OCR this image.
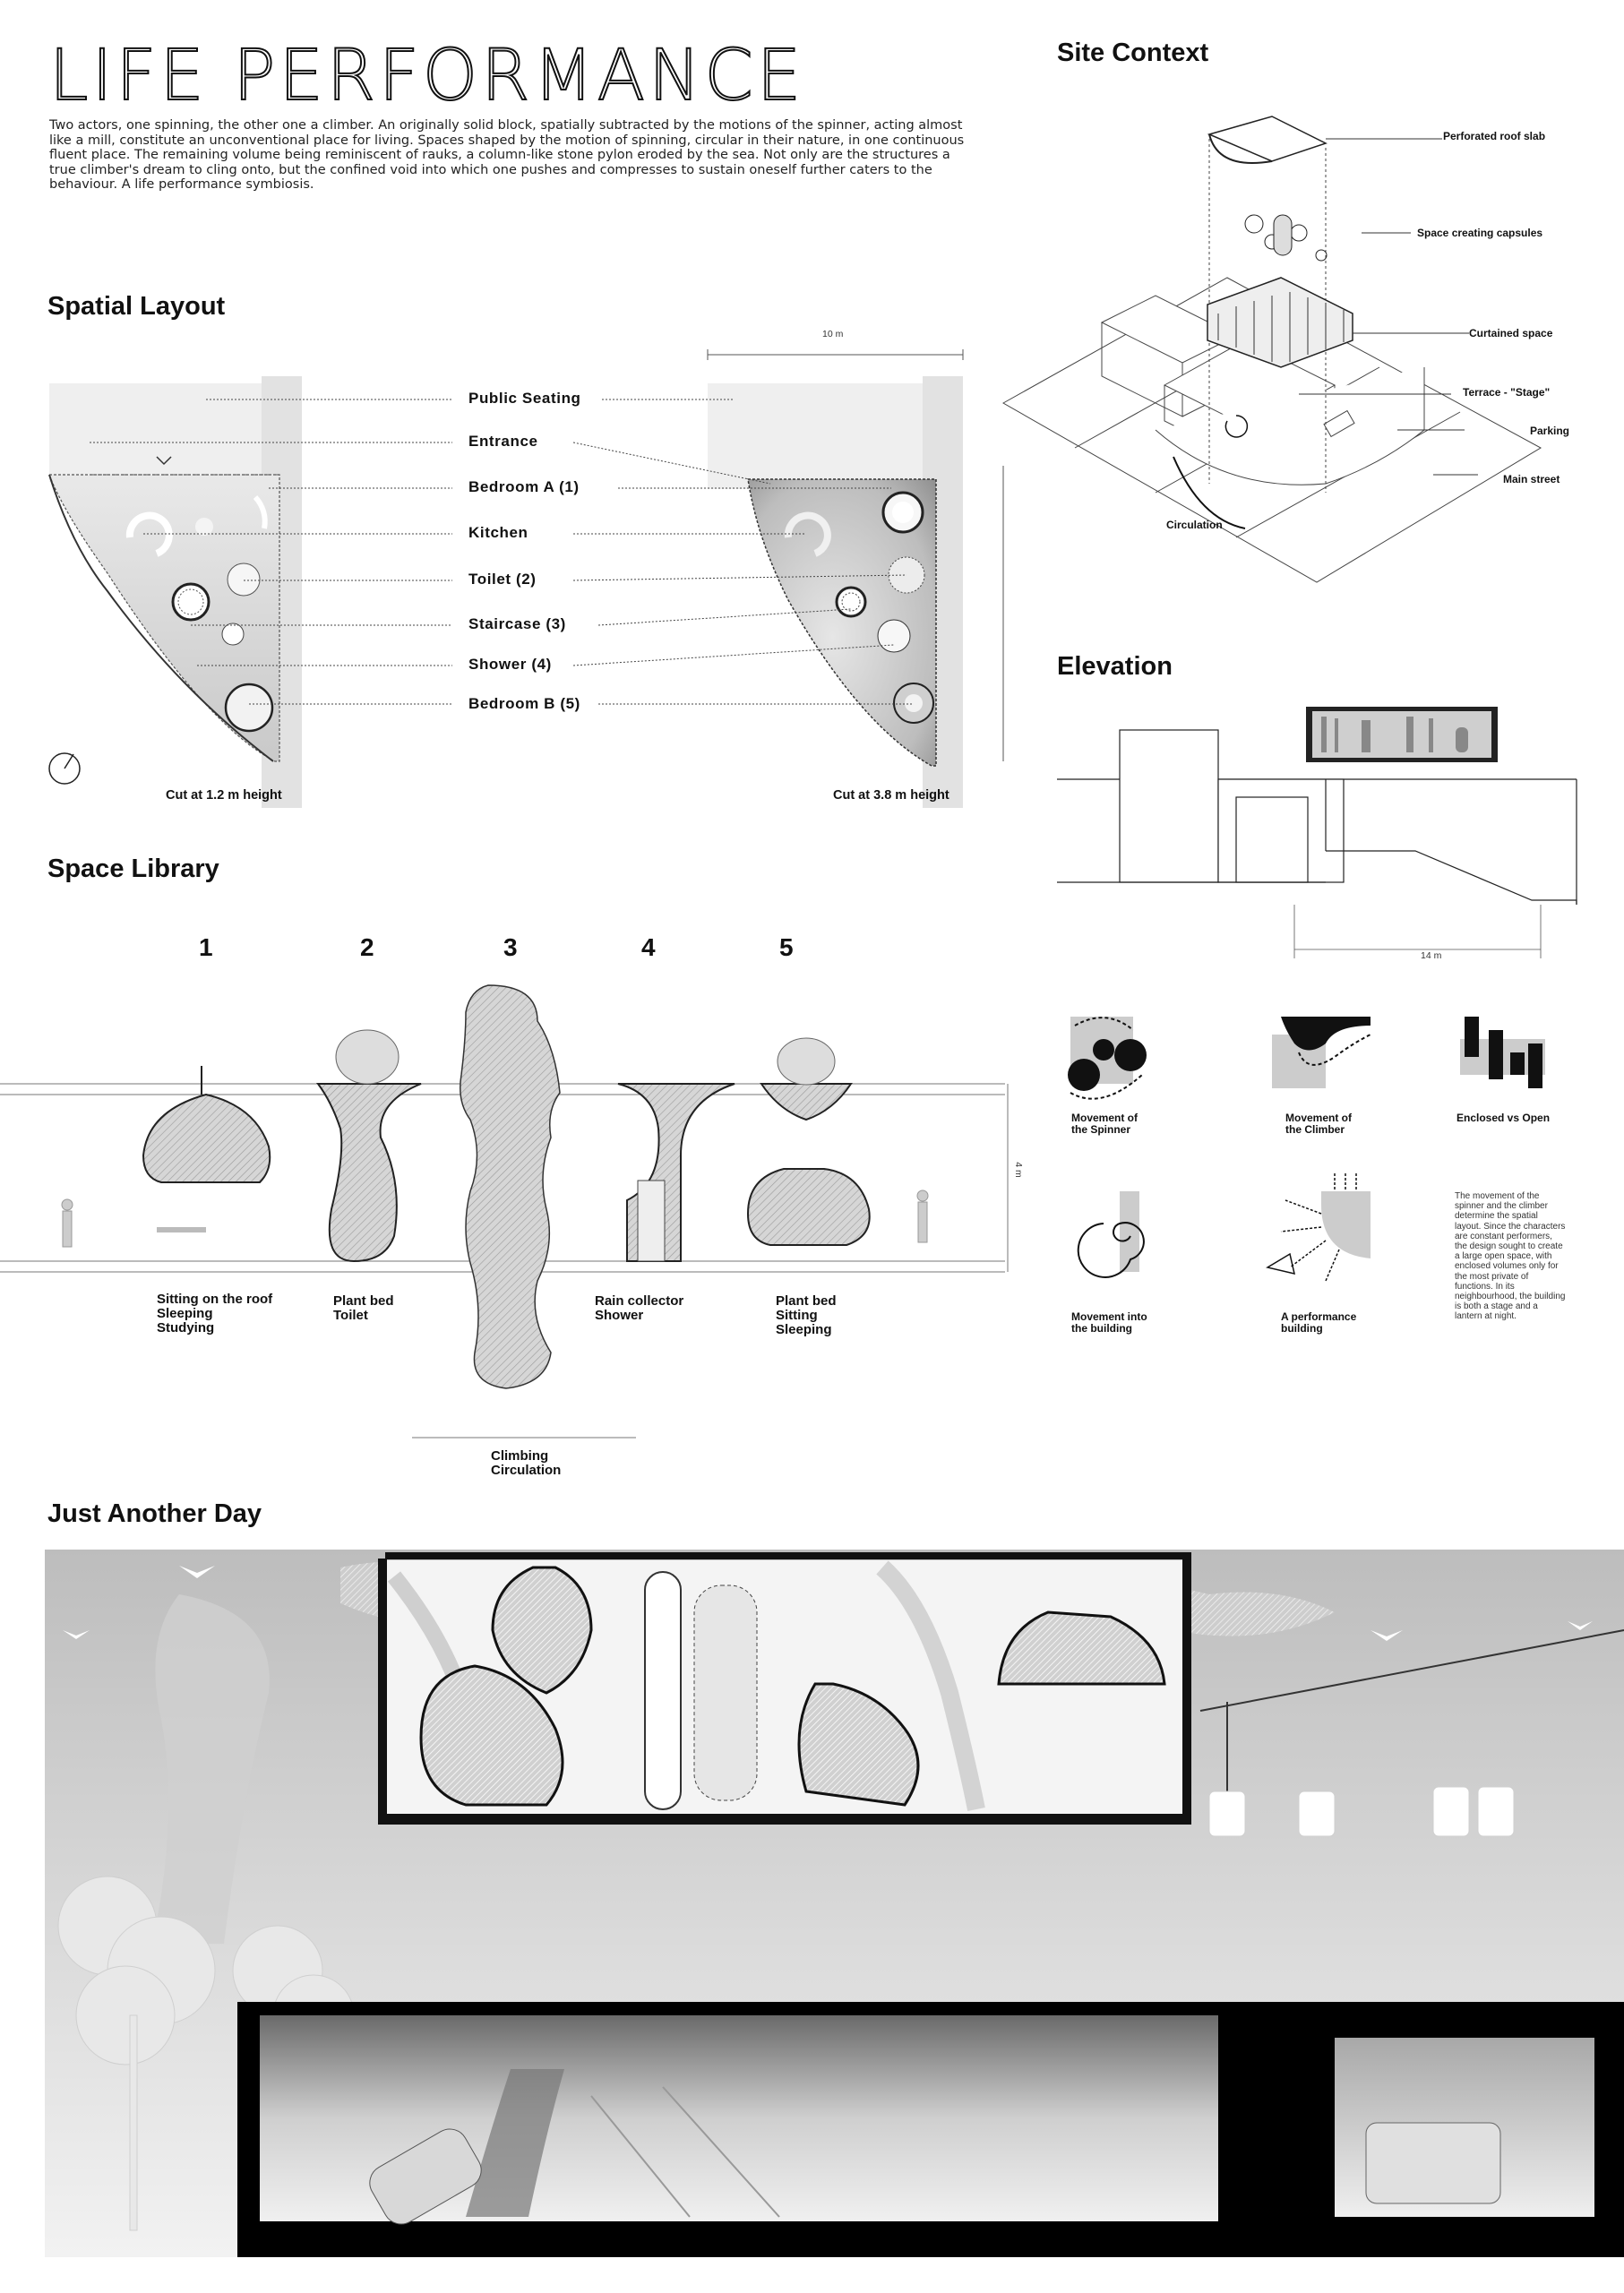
LIFE PERFORMANCE
Two actors, one spinning, the other one a climber. An originally solid block, spatially subtracted by the motions of the spinner, acting almost like a mill, constitute an unconventional place for living. Spaces shaped by the motion of spinning, circular in their nature, in one continuous fluent place. The remaining volume being reminiscent of rauks, a column-like stone pylon eroded by the sea. Not only are the structures a true climber's dream to cling onto, but the confined void into which one pushes and compresses to sustain oneself further caters to the behaviour. A life performance symbiosis.
Spatial Layout
10 m
Public Seating
Entrance
Bedroom A (1)
Kitchen
Toilet (2)
Staircase (3)
Shower (4)
Bedroom B (5)
Cut at 1.2 m height	Cut at 3.8 m height
Site Context
Perforated roof slab
Space creating capsules
Curtained space
Terrace - "Stage"
Parking
Main street
Circulation
Elevation
14 m
Space Library
1	2	3	4	5
4 m
Sitting on the roof
Sleeping
Studying
Plant bed
Toilet
Climbing
Circulation
Rain collector
Shower
Plant bed
Sitting
Sleeping
Movement of
the Spinner
Movement of
the Climber
Enclosed vs Open
Movement into
the building
A performance
building
The movement of the spinner and the climber determine the spatial layout. Since the characters are constant performers, the design sought to create a large open space, with enclosed volumes only for the most private of functions. In its neighbourhood, the building is both a stage and a lantern at night.
Just Another Day
